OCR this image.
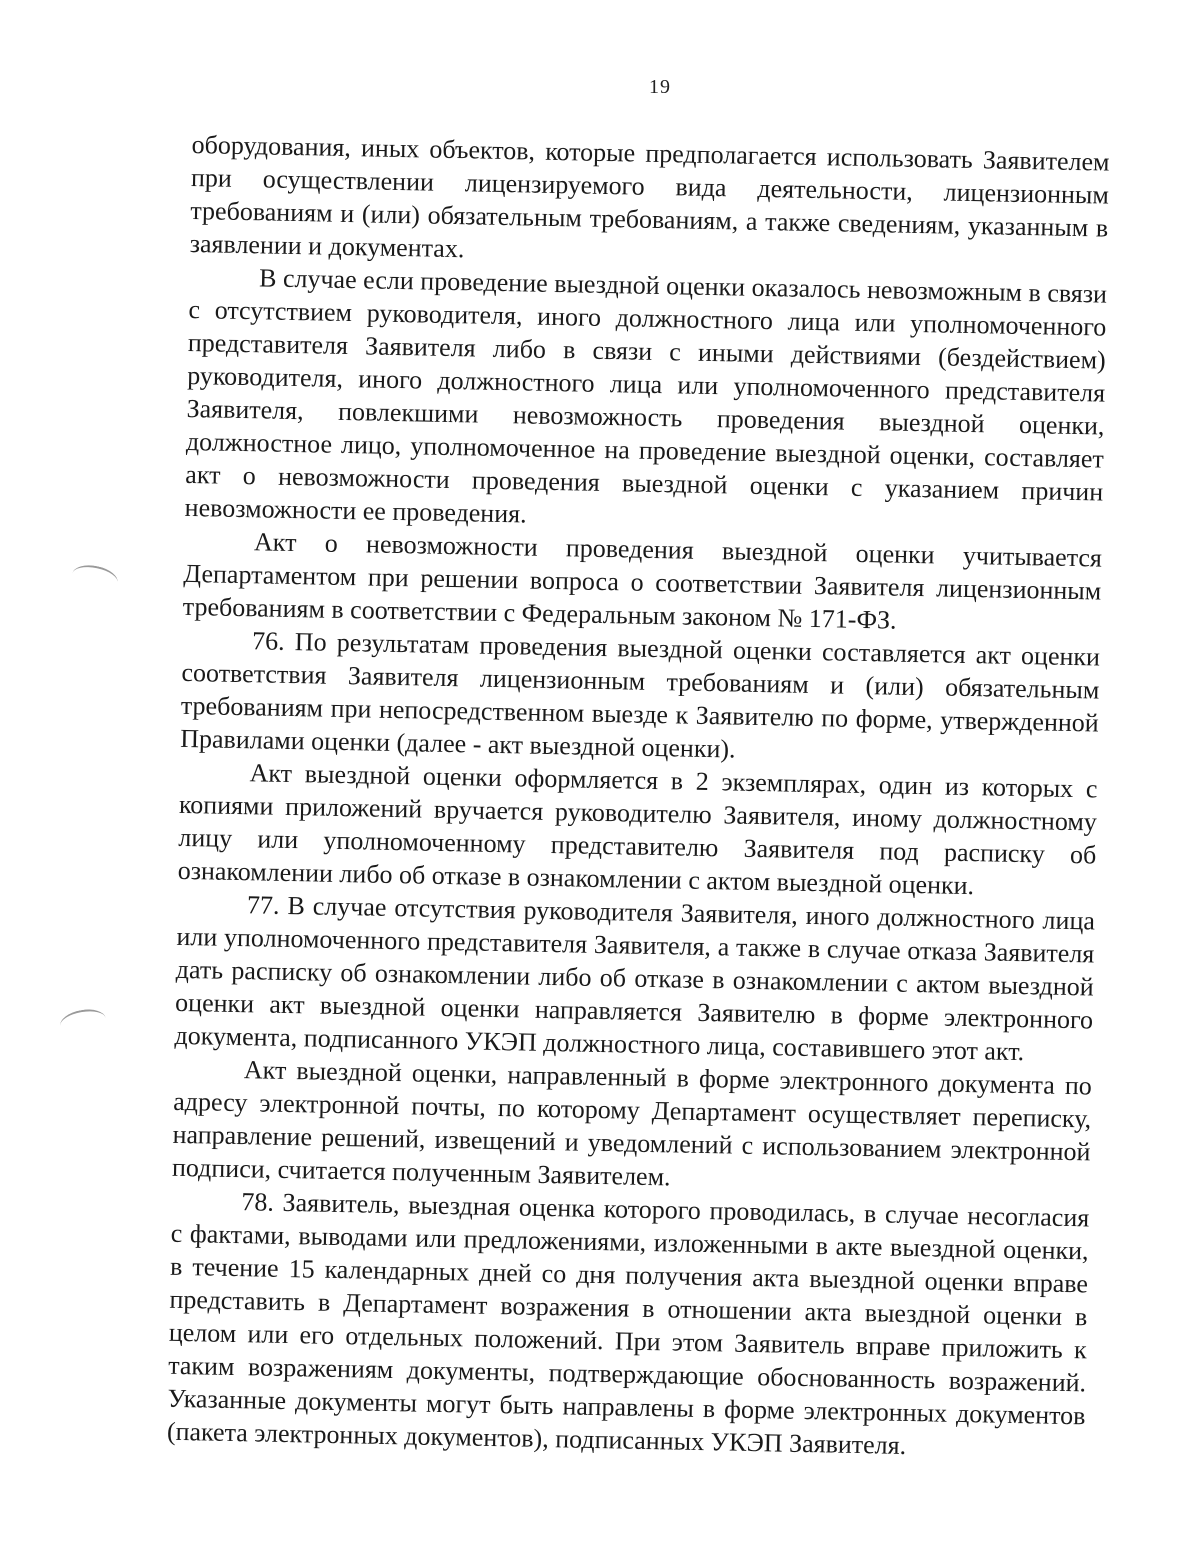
19

оборудования, иных объектов, которые предполагается использовать Заявителем при осуществлении лицензируемого вида деятельности, лицензионным требованиям и (или) обязательным требованиям, а также сведениям, указанным в заявлении и документах.

В случае если проведение выездной оценки оказалось невозможным в связи с отсутствием руководителя, иного должностного лица или уполномоченного представителя Заявителя либо в связи с иными действиями (бездействием) руководителя, иного должностного лица или уполномоченного представителя Заявителя, повлекшими невозможность проведения выездной оценки, должностное лицо, уполномоченное на проведение выездной оценки, составляет акт о невозможности проведения выездной оценки с указанием причин невозможности ее проведения.

Акт о невозможности проведения выездной оценки учитывается Департаментом при решении вопроса о соответствии Заявителя лицензионным требованиям в соответствии с Федеральным законом № 171-ФЗ.

76. По результатам проведения выездной оценки составляется акт оценки соответствия Заявителя лицензионным требованиям и (или) обязательным требованиям при непосредственном выезде к Заявителю по форме, утвержденной Правилами оценки (далее - акт выездной оценки).

Акт выездной оценки оформляется в 2 экземплярах, один из которых с копиями приложений вручается руководителю Заявителя, иному должностному лицу или уполномоченному представителю Заявителя под расписку об ознакомлении либо об отказе в ознакомлении с актом выездной оценки.

77. В случае отсутствия руководителя Заявителя, иного должностного лица или уполномоченного представителя Заявителя, а также в случае отказа Заявителя дать расписку об ознакомлении либо об отказе в ознакомлении с актом выездной оценки акт выездной оценки направляется Заявителю в форме электронного документа, подписанного УКЭП должностного лица, составившего этот акт.

Акт выездной оценки, направленный в форме электронного документа по адресу электронной почты, по которому Департамент осуществляет переписку, направление решений, извещений и уведомлений с использованием электронной подписи, считается полученным Заявителем.

78. Заявитель, выездная оценка которого проводилась, в случае несогласия с фактами, выводами или предложениями, изложенными в акте выездной оценки, в течение 15 календарных дней со дня получения акта выездной оценки вправе представить в Департамент возражения в отношении акта выездной оценки в целом или его отдельных положений. При этом Заявитель вправе приложить к таким возражениям документы, подтверждающие обоснованность возражений. Указанные документы могут быть направлены в форме электронных документов (пакета электронных документов), подписанных УКЭП Заявителя.
